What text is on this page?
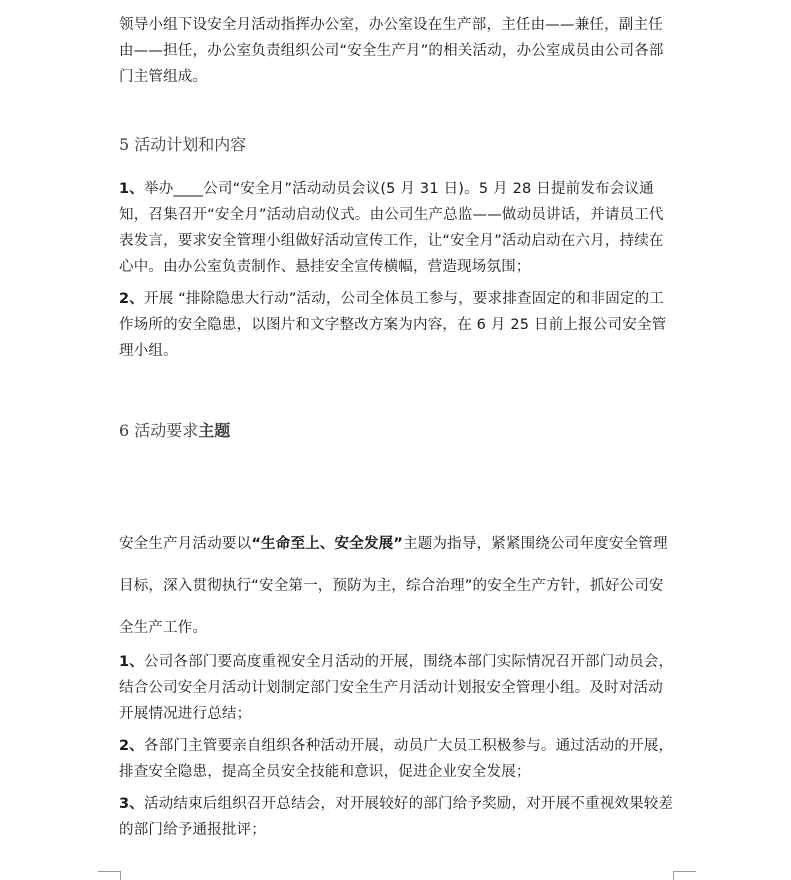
领导小组下设安全月活动指挥办公室，办公室设在生产部，主任由——兼任，副主任由——担任，办公室负责组织公司“安全生产月”的相关活动，办公室成员由公司各部门主管组成。

5 活动计划和内容

1、举办____公司“安全月”活动动员会议(5 月 31 日)。5 月 28 日提前发布会议通知，召集召开“安全月”活动启动仪式。由公司生产总监——做动员讲话，并请员工代表发言，要求安全管理小组做好活动宣传工作，让“安全月”活动启动在六月，持续在心中。由办公室负责制作、悬挂安全宣传横幅，营造现场氛围；

2、开展 “排除隐患大行动”活动，公司全体员工参与，要求排查固定的和非固定的工作场所的安全隐患，以图片和文字整改方案为内容，在 6 月 25 日前上报公司安全管理小组。

6 活动要求主题

安全生产月活动要以“生命至上、安全发展”主题为指导，紧紧围绕公司年度安全管理目标，深入贯彻执行“安全第一，预防为主，综合治理”的安全生产方针，抓好公司安全生产工作。

1、公司各部门要高度重视安全月活动的开展，围绕本部门实际情况召开部门动员会，结合公司安全月活动计划制定部门安全生产月活动计划报安全管理小组。及时对活动开展情况进行总结；

2、各部门主管要亲自组织各种活动开展，动员广大员工积极参与。通过活动的开展，排查安全隐患，提高全员安全技能和意识，促进企业安全发展；

3、活动结束后组织召开总结会，对开展较好的部门给予奖励，对开展不重视效果较差的部门给予通报批评；
